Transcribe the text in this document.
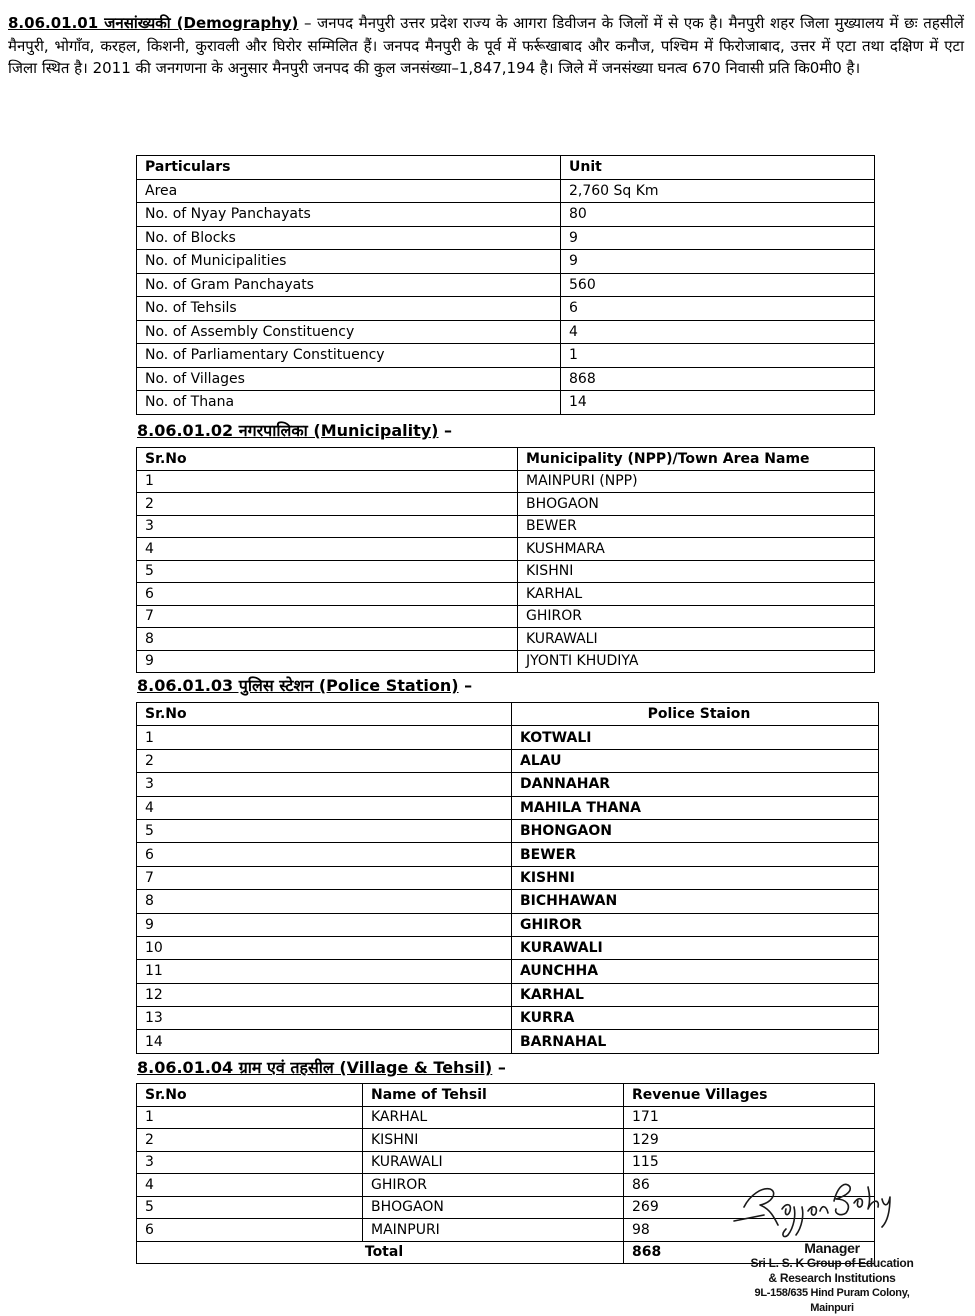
8.06.01.01 जनसांख्यकी (Demography) – जनपद मैनपुरी उत्तर प्रदेश राज्य के आगरा डिवीजन के जिलों में से एक है। मैनपुरी शहर जिला मुख्यालय में छः तहसीलें मैनपुरी, भोगाँव, करहल, किशनी, कुरावली और घिरोर सम्मिलित हैं। जनपद मैनपुरी के पूर्व में फर्रूखाबाद और कनौज, पश्चिम में फिरोजाबाद, उत्तर में एटा तथा दक्षिण में एटा जिला स्थित है। 2011 की जनगणना के अनुसार मैनपुरी जनपद की कुल जनसंख्या–1,847,194 है। जिले में जनसंख्या घनत्व 670 निवासी प्रति कि0मी0 है।

Particulars	Unit
Area	2,760 Sq Km
No. of Nyay Panchayats	80
No. of Blocks	9
No. of Municipalities	9
No. of Gram Panchayats	560
No. of Tehsils	6
No. of Assembly Constituency	4
No. of Parliamentary Constituency	1
No. of Villages	868
No. of Thana	14
8.06.01.02 नगरपालिका (Municipality) –
Sr.No	Municipality (NPP)/Town Area Name
1	MAINPURI (NPP)
2	BHOGAON
3	BEWER
4	KUSHMARA
5	KISHNI
6	KARHAL
7	GHIROR
8	KURAWALI
9	JYONTI KHUDIYA
8.06.01.03 पुलिस स्टेशन (Police Station) –
Sr.No	Police Staion
1	KOTWALI
2	ALAU
3	DANNAHAR
4	MAHILA THANA
5	BHONGAON
6	BEWER
7	KISHNI
8	BICHHAWAN
9	GHIROR
10	KURAWALI
11	AUNCHHA
12	KARHAL
13	KURRA
14	BARNAHAL
8.06.01.04 ग्राम एवं तहसील (Village & Tehsil) –
Sr.No	Name of Tehsil	Revenue Villages
1	KARHAL	171
2	KISHNI	129
3	KURAWALI	115
4	GHIROR	86
5	BHOGAON	269
6	MAINPURI	98
Total		868	Manager
Sri L. S. K Group of Education
& Research Institutions
9L-158/635 Hind Puram Colony, Mainpuri
